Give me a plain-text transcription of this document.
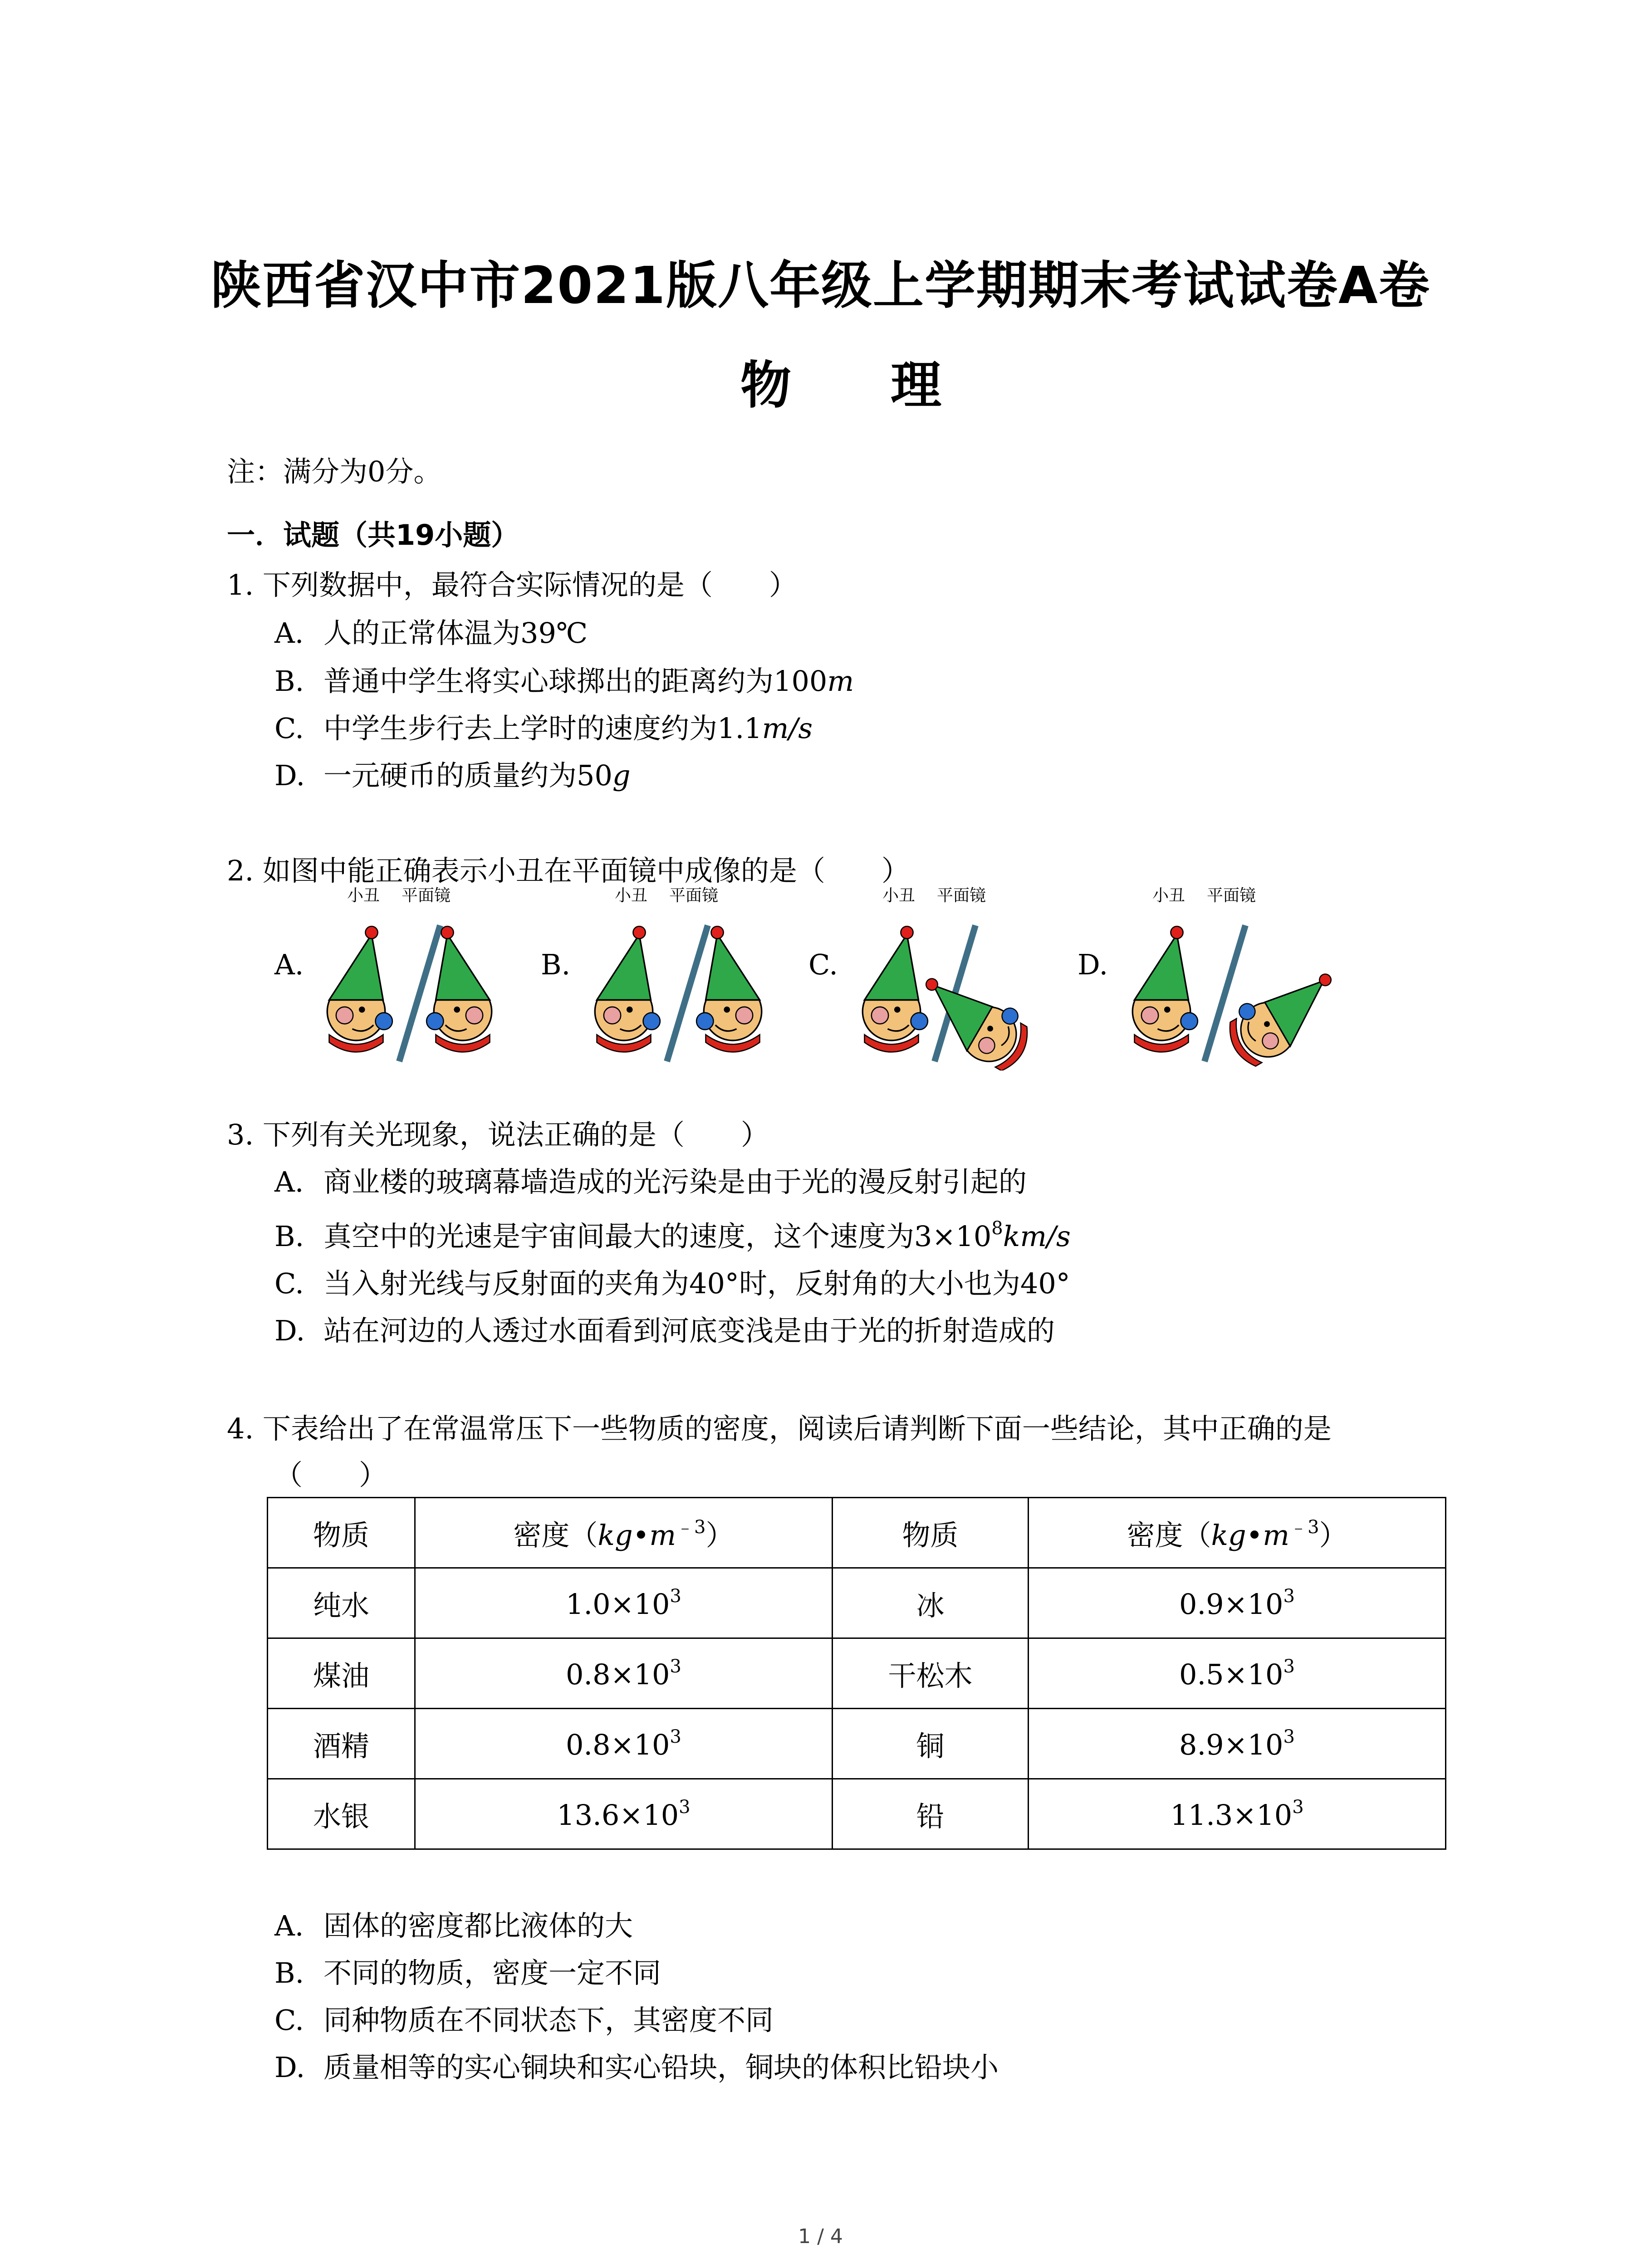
陕西省汉中市2021版八年级上学期期末考试试卷A卷
物 理
注：满分为0分。
一．试题（共19小题）
1. 下列数据中，最符合实际情况的是（　　）
A. 人的正常体温为39℃
B. 普通中学生将实心球掷出的距离约为100m
C. 中学生步行去上学时的速度约为1.1m/s
D. 一元硬币的质量约为50g
2. 如图中能正确表示小丑在平面镜中成像的是（　　）
A.
小丑 平面镜
B.
小丑 平面镜
C.
小丑 平面镜
D.
小丑 平面镜
3. 下列有关光现象，说法正确的是（　　）
A. 商业楼的玻璃幕墙造成的光污染是由于光的漫反射引起的
B. 真空中的光速是宇宙间最大的速度，这个速度为$3\times 10^8km/s$
C. 当入射光线与反射面的夹角为40°时，反射角的大小也为40°
D. 站在河边的人透过水面看到河底变浅是由于光的折射造成的
4. 下表给出了在常温常压下一些物质的密度，阅读后请判断下面一些结论，其中正确的是
（　　）
物质	密度$(kg•m^{﹣3})$	物质	密度$(kg•m^{﹣3})$
纯水	$1.0\times 10^3$	冰	$0.9\times 10^3$
煤油	$0.8\times 10^3$	干松木	$0.5\times 10^3$
酒精	$0.8\times 10^3$	铜	$8.9\times 10^3$
水银	$13.6\times 10^3$	铅	$11.3\times 10^3$
A. 固体的密度都比液体的大
B. 不同的物质，密度一定不同
C. 同种物质在不同状态下，其密度不同
D. 质量相等的实心铜块和实心铅块，铜块的体积比铅块小
1 / 4
